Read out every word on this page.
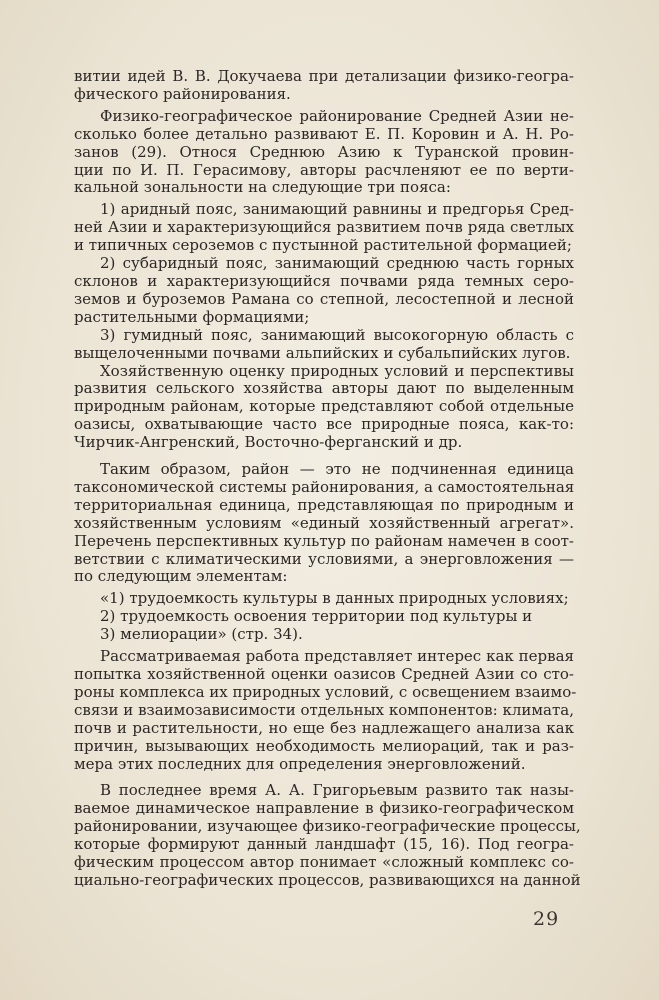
витии идей В. В. Докучаева при детализации физико-геогра-
фического районирования.
Физико-географическое районирование Средней Азии не-
сколько более детально развивают Е. П. Коровин и А. Н. Ро-
занов (29). Относя Среднюю Азию к Туранской провин-
ции по И. П. Герасимову, авторы расчленяют ее по верти-
кальной зональности на следующие три пояса:
1) аридный пояс, занимающий равнины и предгорья Сред-
ней Азии и характеризующийся развитием почв ряда светлых
и типичных сероземов с пустынной растительной формацией;
2) субаридный пояс, занимающий среднюю часть горных
склонов и характеризующийся почвами ряда темных серо-
земов и буроземов Рамана со степной, лесостепной и лесной
растительными формациями;
3) гумидный пояс, занимающий высокогорную область с
выщелоченными почвами альпийских и субальпийских лугов.
Хозяйственную оценку природных условий и перспективы
развития сельского хозяйства авторы дают по выделенным
природным районам, которые представляют собой отдельные
оазисы, охватывающие часто все природные пояса, как-то:
Чирчик-Ангренский, Восточно-ферганский и др.
Таким образом, район — это не подчиненная единица
таксономической системы районирования, а самостоятельная
территориальная единица, представляющая по природным и
хозяйственным условиям «единый хозяйственный агрегат».
Перечень перспективных культур по районам намечен в соот-
ветствии с климатическими условиями, а энерговложения —
по следующим элементам:
«1) трудоемкость культуры в данных природных условиях;
2) трудоемкость освоения территории под культуры и
3) мелиорации» (стр. 34).
Рассматриваемая работа представляет интерес как первая
попытка хозяйственной оценки оазисов Средней Азии со сто-
роны комплекса их природных условий, с освещением взаимо-
связи и взаимозависимости отдельных компонентов: климата,
почв и растительности, но еще без надлежащего анализа как
причин, вызывающих необходимость мелиораций, так и раз-
мера этих последних для определения энерговложений.
В последнее время А. А. Григорьевым развито так назы-
ваемое динамическое направление в физико-географическом
районировании, изучающее физико-географические процессы,
которые формируют данный ландшафт (15, 16). Под геогра-
фическим процессом автор понимает «сложный комплекс со-
циально-географических процессов, развивающихся на данной
29
